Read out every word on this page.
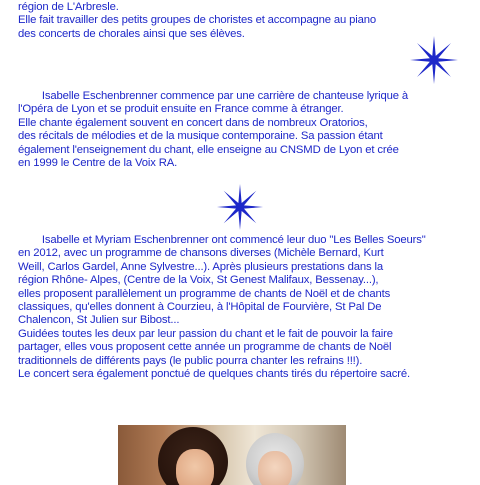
région de L'Arbresle.
Elle fait travailler des petits groupes de choristes et accompagne au piano
des concerts de chorales ainsi que ses élèves.

Isabelle Eschenbrenner commence par une carrière de chanteuse lyrique à
l'Opéra de Lyon et se produit ensuite en France comme à étranger.
Elle chante également souvent en concert dans de nombreux Oratorios,
des récitals de mélodies et de la musique contemporaine. Sa passion étant
également l'enseignement du chant, elle enseigne au CNSMD de Lyon et crée
en 1999 le Centre de la Voix RA.

Isabelle et Myriam Eschenbrenner ont commencé leur duo "Les Belles Soeurs"
en 2012, avec un programme de chansons diverses (Michèle Bernard, Kurt
Weill, Carlos Gardel, Anne Sylvestre...). Après plusieurs prestations dans la
région Rhône- Alpes, (Centre de la Voix, St Genest Malifaux, Bessenay...),
elles proposent parallèlement un programme de chants de Noël et de chants
classiques, qu'elles donnent à Courzieu, à l'Hôpital de Fourvière, St Pal De
Chalencon, St Julien sur Bibost...
Guidées toutes les deux par leur passion du chant et le fait de pouvoir la faire
partager, elles vous proposent cette année un programme de chants de Noël
traditionnels de différents pays (le public pourra chanter les refrains !!!).
Le concert sera également ponctué de quelques chants tirés du répertoire sacré.
